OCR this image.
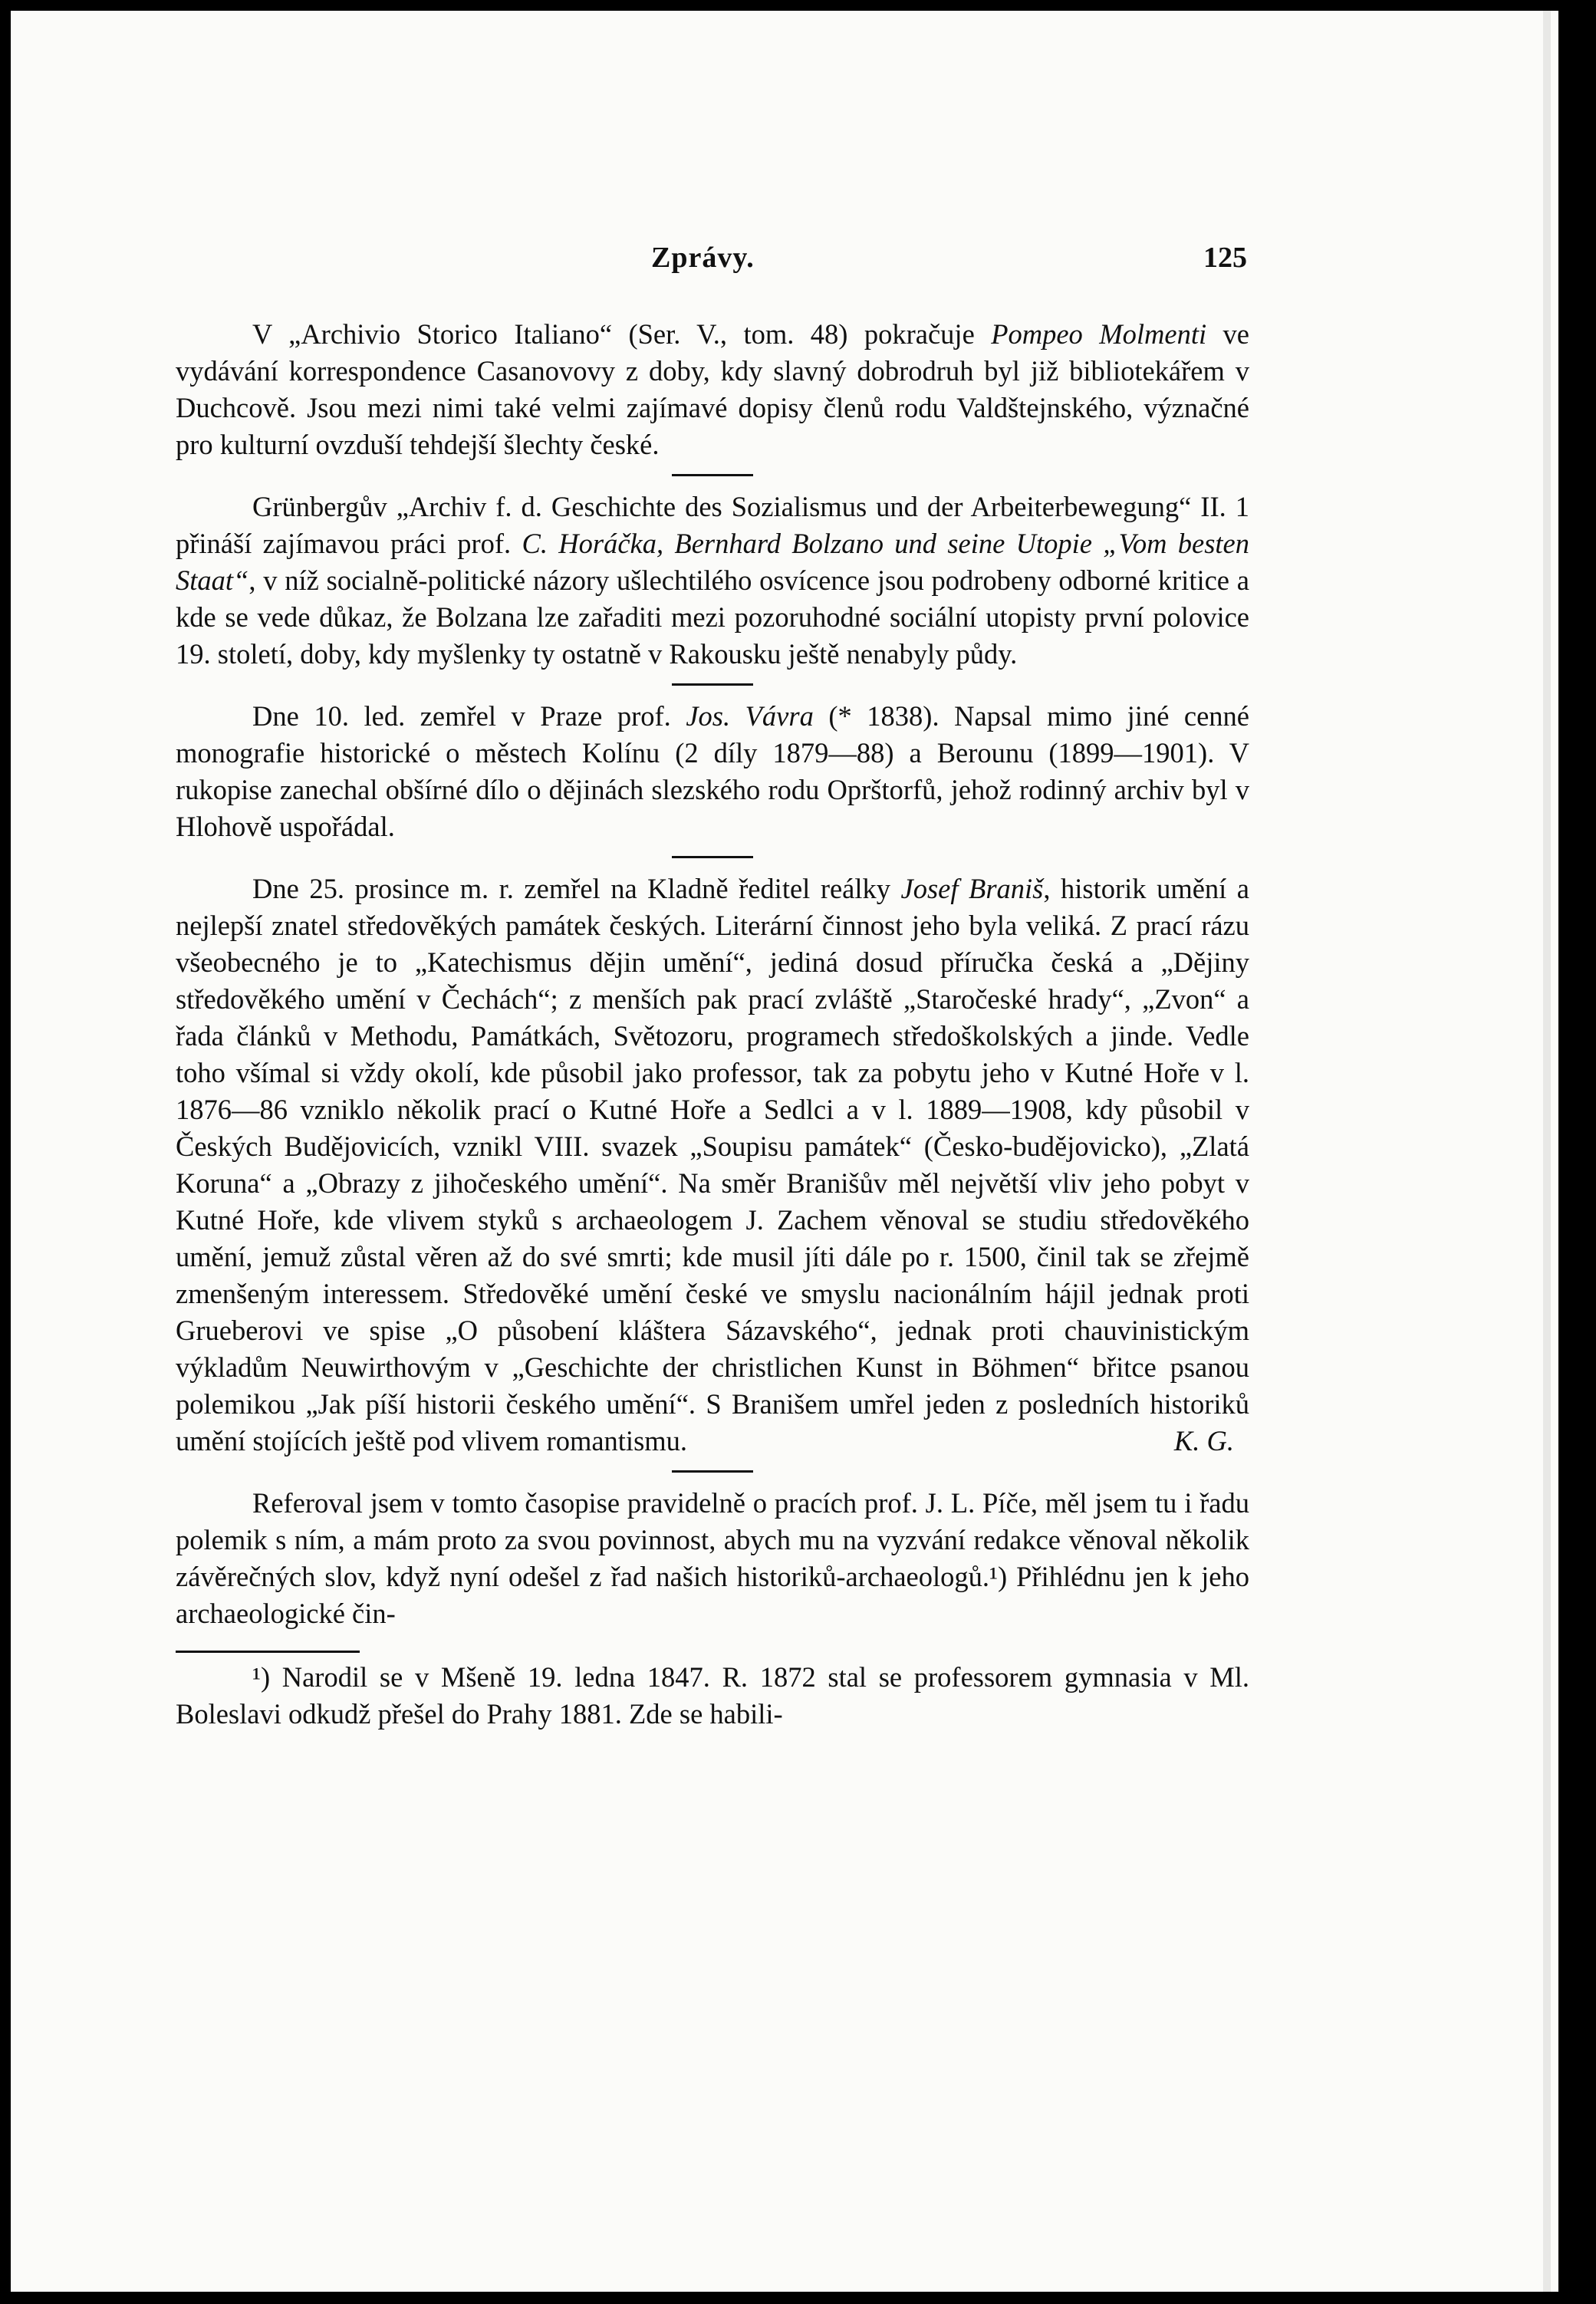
Zprávy.	125

V „Archivio Storico Italiano“ (Ser. V., tom. 48) pokračuje Pompeo Molmenti ve vydávání korrespondence Casanovovy z doby, kdy slavný dobrodruh byl již bibliotekářem v Duchcově. Jsou mezi nimi také velmi zajímavé dopisy členů rodu Valdštejnského, význačné pro kulturní ovzduší tehdejší šlechty české.

Grünbergův „Archiv f. d. Geschichte des Sozialismus und der Arbeiterbewegung“ II. 1 přináší zajímavou práci prof. C. Horáčka, Bernhard Bolzano und seine Utopie „Vom besten Staat“, v níž socialně-politické názory ušlechtilého osvícence jsou podrobeny odborné kritice a kde se vede důkaz, že Bolzana lze zařaditi mezi pozoruhodné sociální utopisty první polovice 19. století, doby, kdy myšlenky ty ostatně v Rakousku ještě nenabyly půdy.

Dne 10. led. zemřel v Praze prof. Jos. Vávra (* 1838). Napsal mimo jiné cenné monografie historické o městech Kolínu (2 díly 1879—88) a Berounu (1899—1901). V rukopise zanechal obšírné dílo o dějinách slezského rodu Oprštorfů, jehož rodinný archiv byl v Hlohově uspořádal.

Dne 25. prosince m. r. zemřel na Kladně ředitel reálky Josef Braniš, historik umění a nejlepší znatel středověkých památek českých. Literární činnost jeho byla veliká. Z prací rázu všeobecného je to „Katechismus dějin umění“, jediná dosud příručka česká a „Dějiny středověkého umění v Čechách“; z menších pak prací zvláště „Staročeské hrady“, „Zvon“ a řada článků v Methodu, Památkách, Světozoru, programech středoškolských a jinde. Vedle toho všímal si vždy okolí, kde působil jako professor, tak za pobytu jeho v Kutné Hoře v l. 1876—86 vzniklo několik prací o Kutné Hoře a Sedlci a v l. 1889—1908, kdy působil v Českých Budějovicích, vznikl VIII. svazek „Soupisu památek“ (Česko-budějovicko), „Zlatá Koruna“ a „Obrazy z jihočeského umění“. Na směr Branišův měl největší vliv jeho pobyt v Kutné Hoře, kde vlivem styků s archaeologem J. Zachem věnoval se studiu středověkého umění, jemuž zůstal věren až do své smrti; kde musil jíti dále po r. 1500, činil tak se zřejmě zmenšeným interessem. Středověké umění české ve smyslu nacionálním hájil jednak proti Grueberovi ve spise „O působení kláštera Sázavského“, jednak proti chauvinistickým výkladům Neuwirthovým v „Geschichte der christlichen Kunst in Böhmen“ břitce psanou polemikou „Jak píší historii českého umění“. S Branišem umřel jeden z posledních historiků umění stojících ještě pod vlivem romantismu.	K. G.

Referoval jsem v tomto časopise pravidelně o pracích prof. J. L. Píče, měl jsem tu i řadu polemik s ním, a mám proto za svou povinnost, abych mu na vyzvání redakce věnoval několik závěrečných slov, když nyní odešel z řad našich historiků-archaeologů.¹) Přihlédnu jen k jeho archaeologické čin-

¹) Narodil se v Mšeně 19. ledna 1847. R. 1872 stal se professorem gymnasia v Ml. Boleslavi odkudž přešel do Prahy 1881. Zde se habili-
